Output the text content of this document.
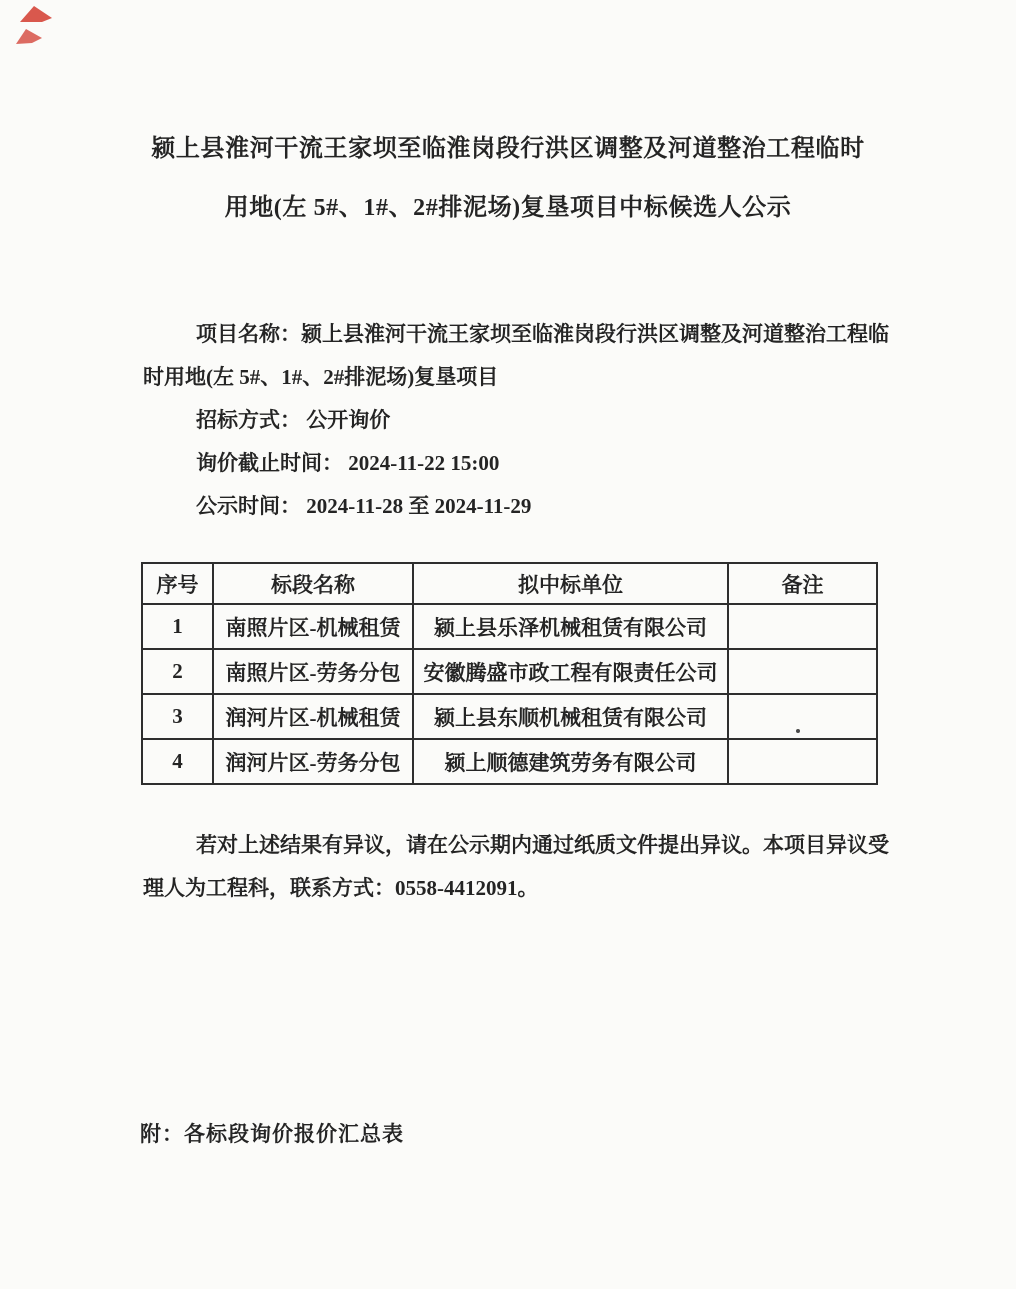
颍上县淮河干流王家坝至临淮岗段行洪区调整及河道整治工程临时
用地(左 5#、1#、2#排泥场)复垦项目中标候选人公示
项目名称：颍上县淮河干流王家坝至临淮岗段行洪区调整及河道整治工程临
时用地(左 5#、1#、2#排泥场)复垦项目
招标方式： 公开询价
询价截止时间： 2024-11-22 15:00
公示时间： 2024-11-28 至 2024-11-29
序号	标段名称	拟中标单位	备注
1	南照片区-机械租赁	颍上县乐泽机械租赁有限公司	
2	南照片区-劳务分包	安徽腾盛市政工程有限责任公司	
3	润河片区-机械租赁	颍上县东顺机械租赁有限公司	
4	润河片区-劳务分包	颍上顺德建筑劳务有限公司	
若对上述结果有异议，请在公示期内通过纸质文件提出异议。本项目异议受
理人为工程科，联系方式：0558-4412091。
附：各标段询价报价汇总表
